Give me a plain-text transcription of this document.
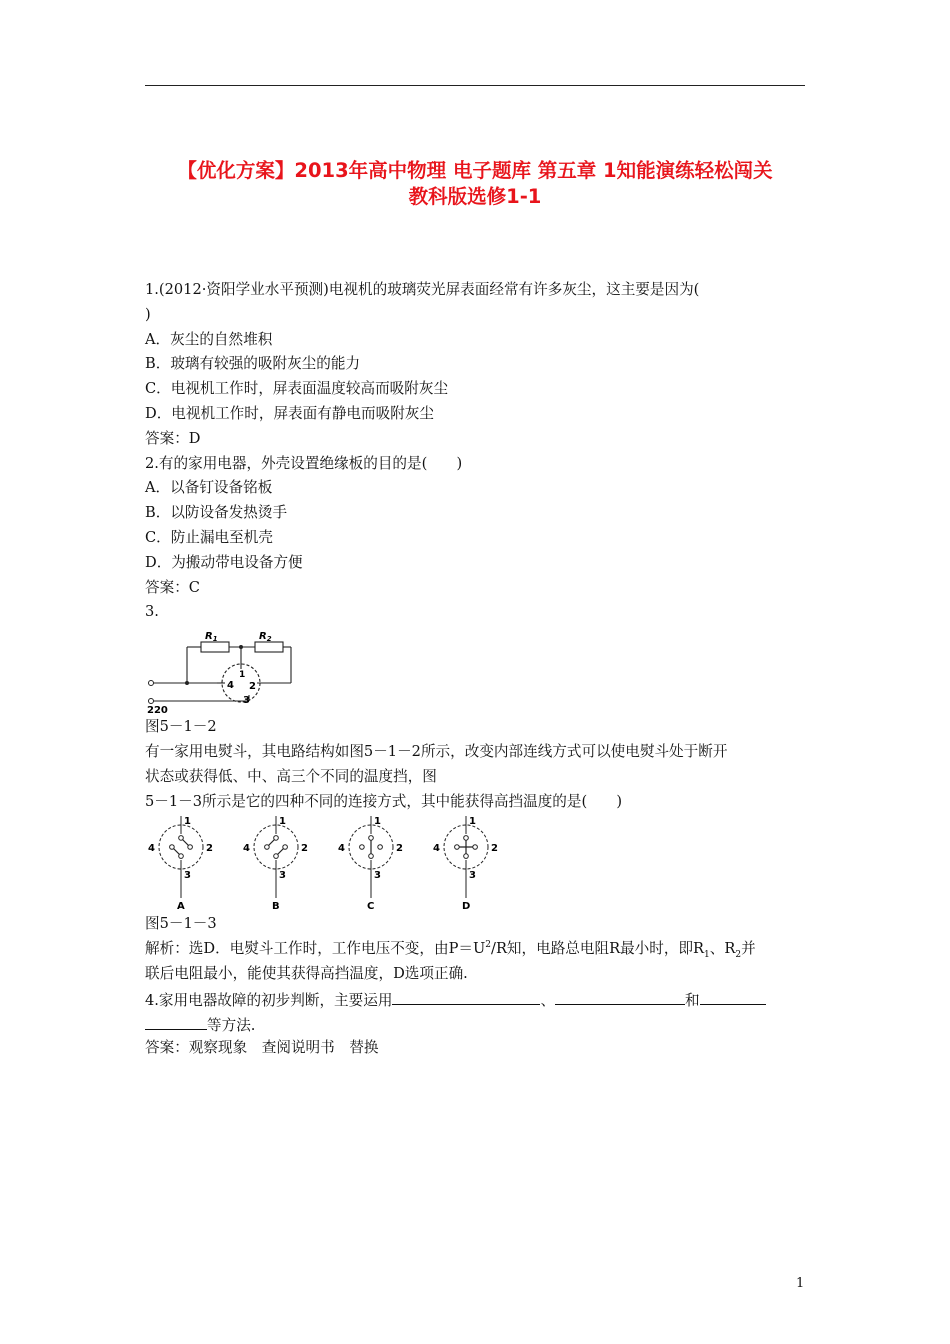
【优化方案】2013年高中物理 电子题库 第五章 1知能演练轻松闯关
教科版选修1-1
1.(2012·资阳学业水平预测)电视机的玻璃荧光屏表面经常有许多灰尘，这主要是因为(
)
A．灰尘的自然堆积
B．玻璃有较强的吸附灰尘的能力
C．电视机工作时，屏表面温度较高而吸附灰尘
D．电视机工作时，屏表面有静电而吸附灰尘
答案：D
2.有的家用电器，外壳设置绝缘板的目的是(　　)
A．以备钉设备铭板
B．以防设备发热烫手
C．防止漏电至机壳
D．为搬动带电设备方便
答案：C
3.
$R_1$	$R_2$
1
2
3
4
220
图5－1－2
有一家用电熨斗，其电路结构如图5－1－2所示，改变内部连线方式可以使电熨斗处于断开
状态或获得低、中、高三个不同的温度挡，图
5－1－3所示是它的四种不同的连接方式，其中能获得高挡温度的是(　　)
1
2
3
4
A
1
2
3
4
B
1
2
3
4
C
1
2
3
4
D
图5－1－3
解析：选D．电熨斗工作时，工作电压不变，由$P=U^2/R$知，电路总电阻R最小时，即$R_1$、$R_2$并
联后电阻最小，能使其获得高挡温度，D选项正确.
4.家用电器故障的初步判断，主要运用	、	和
等方法.
答案：观察现象　查阅说明书　替换
1
